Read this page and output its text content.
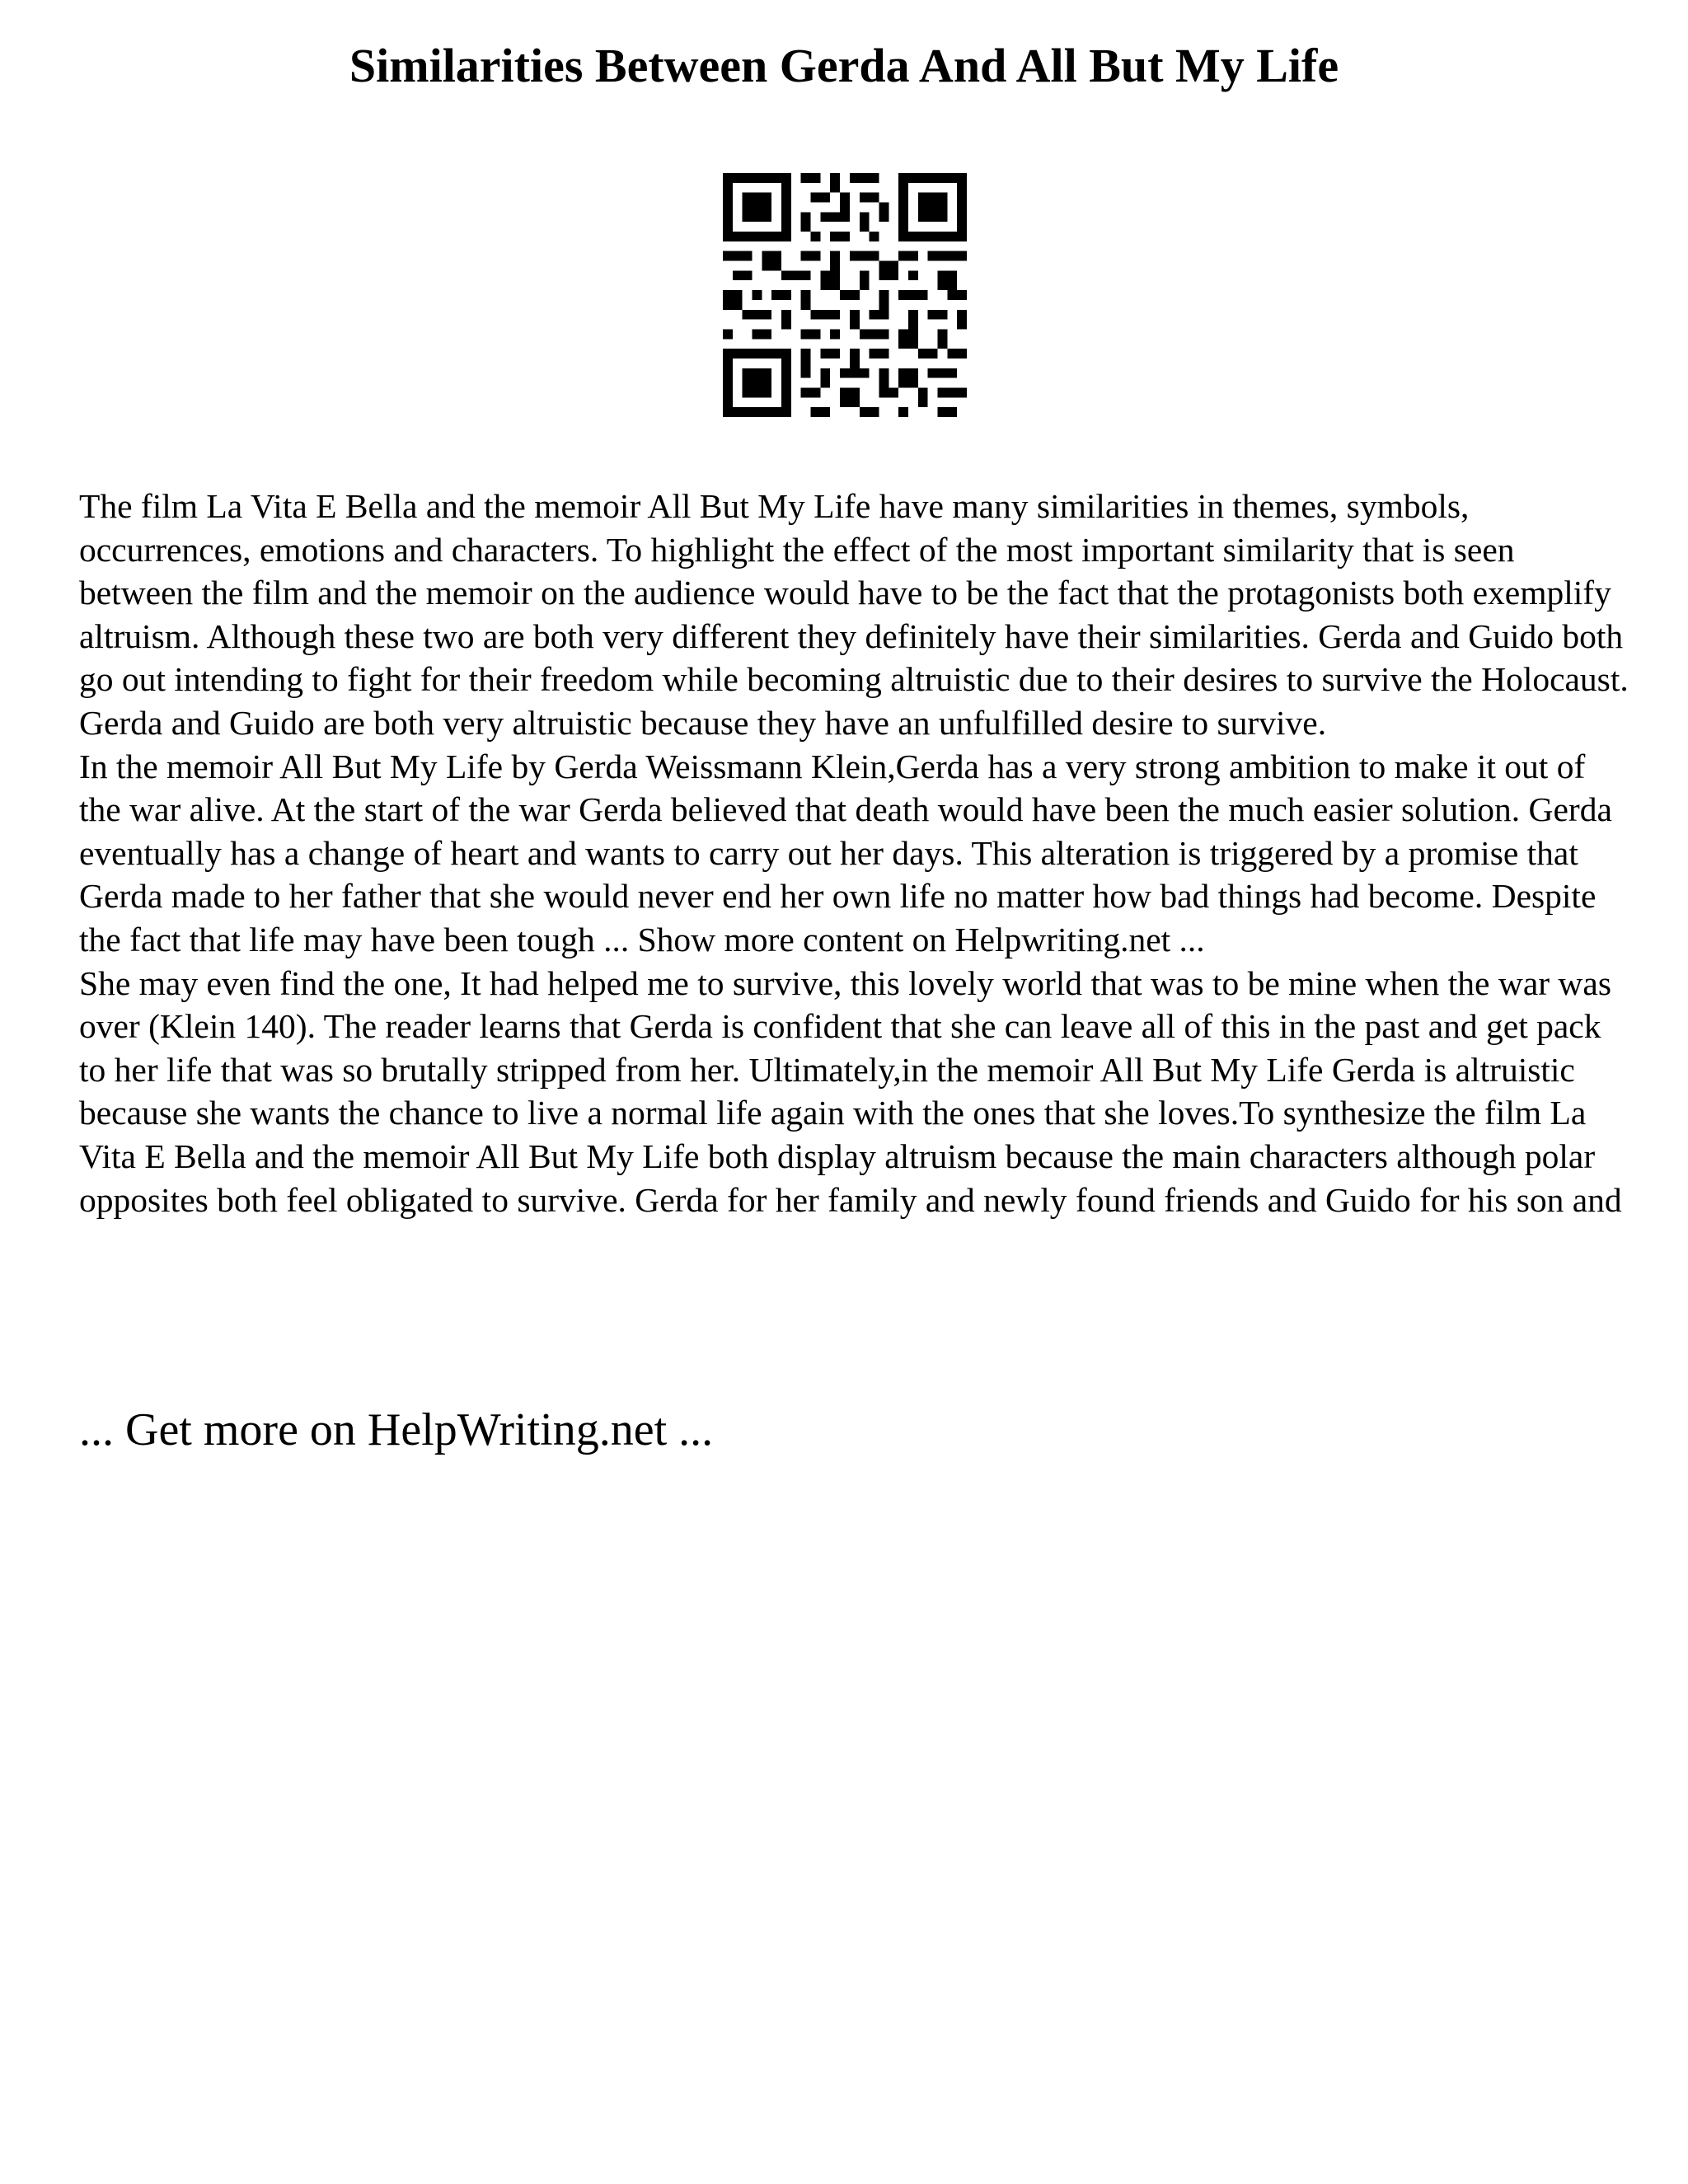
Similarities Between Gerda And All But My Life

The film La Vita E Bella and the memoir All But My Life have many similarities in themes, symbols, occurrences, emotions and characters. To highlight the effect of the most important similarity that is seen between the film and the memoir on the audience would have to be the fact that the protagonists both exemplify altruism. Although these two are both very different they definitely have their similarities. Gerda and Guido both go out intending to fight for their freedom while becoming altruistic due to their desires to survive the Holocaust. Gerda and Guido are both very altruistic because they have an unfulfilled desire to survive.

In the memoir All But My Life by Gerda Weissmann Klein,Gerda has a very strong ambition to make it out of the war alive. At the start of the war Gerda believed that death would have been the much easier solution. Gerda eventually has a change of heart and wants to carry out her days. This alteration is triggered by a promise that Gerda made to her father that she would never end her own life no matter how bad things had become. Despite the fact that life may have been tough ... Show more content on Helpwriting.net ...

She may even find the one, It had helped me to survive, this lovely world that was to be mine when the war was over (Klein 140). The reader learns that Gerda is confident that she can leave all of this in the past and get pack to her life that was so brutally stripped from her. Ultimately,in the memoir All But My Life Gerda is altruistic because she wants the chance to live a normal life again with the ones that she loves.To synthesize the film La Vita E Bella and the memoir All But My Life both display altruism because the main characters although polar opposites both feel obligated to survive. Gerda for her family and newly found friends and Guido for his son and

... Get more on HelpWriting.net ...
